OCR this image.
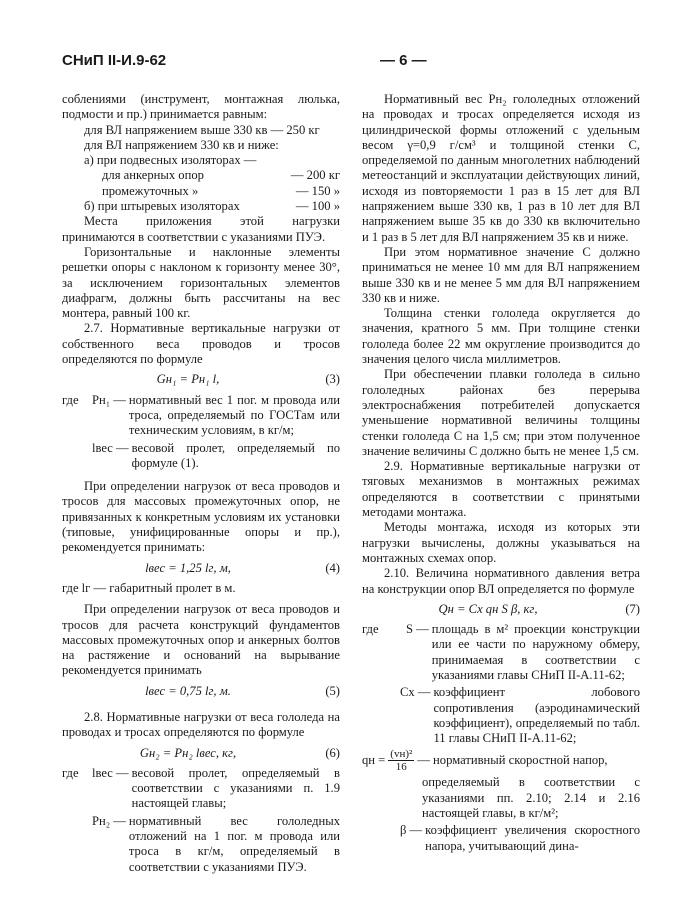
СНиП II-И.9-62	— 6 —

соблениями (инструмент, монтажная люлька, подмости и пр.) принимается равным:

для ВЛ напряжением выше 330 кв — 250 кг

для ВЛ напряжением 330 кв и ниже:

а) при подвесных изоляторах —

для анкерных опор	— 200 кг
промежуточных »	— 150 »
б) при штыревых изоляторах	— 100 »

Места приложения этой нагрузки принимаются в соответствии с указаниями ПУЭ.

Горизонтальные и наклонные элементы решетки опоры с наклоном к горизонту менее 30°, за исключением горизонтальных элементов диафрагм, должны быть рассчитаны на вес монтера, равный 100 кг.

2.7. Нормативные вертикальные нагрузки от собственного веса проводов и тросов определяются по формуле

Gн₁ = Pн₁ l,	(3)
где	Pн₁ — нормативный вес 1 пог. м провода или троса, определяемый по ГОСТам или техническим условиям, в кг/м;
lвес — весовой пролет, определяемый по формуле (1).

При определении нагрузок от веса проводов и тросов для массовых промежуточных опор, не привязанных к конкретным условиям их установки (типовые, унифицированные опоры и пр.), рекомендуется принимать:

lвес = 1,25 lг, м,	(4)

где lг — габаритный пролет в м.

При определении нагрузок от веса проводов и тросов для расчета конструкций фундаментов массовых промежуточных опор и анкерных болтов на растяжение и оснований на вырывание рекомендуется принимать

lвес = 0,75 lг, м.	(5)

2.8. Нормативные нагрузки от веса гололеда на проводах и тросах определяются по формуле

Gн₂ = Pн₂ lвес, кг,	(6)
где	lвес — весовой пролет, определяемый в соответствии с указаниями п. 1.9 настоящей главы;
Pн₂ — нормативный вес гололедных отложений на 1 пог. м провода или троса в кг/м, определяемый в соответствии с указаниями ПУЭ.

Нормативный вес Pн₂ гололедных отложений на проводах и тросах определяется исходя из цилиндрической формы отложений с удельным весом γ=0,9 г/см³ и толщиной стенки C, определяемой по данным многолетних наблюдений метеостанций и эксплуатации действующих линий, исходя из повторяемости 1 раз в 15 лет для ВЛ напряжением выше 330 кв, 1 раз в 10 лет для ВЛ напряжением выше 35 кв до 330 кв включительно и 1 раз в 5 лет для ВЛ напряжением 35 кв и ниже.

При этом нормативное значение C должно приниматься не менее 10 мм для ВЛ напряжением выше 330 кв и не менее 5 мм для ВЛ напряжением 330 кв и ниже.

Толщина стенки гололеда округляется до значения, кратного 5 мм. При толщине стенки гололеда более 22 мм округление производится до значения целого числа миллиметров.

При обеспечении плавки гололеда в сильно гололедных районах без перерыва электроснабжения потребителей допускается уменьшение нормативной величины толщины стенки гололеда C на 1,5 см; при этом полученное значение величины C должно быть не менее 1,5 см.

2.9. Нормативные вертикальные нагрузки от тяговых механизмов в монтажных режимах определяются в соответствии с принятыми методами монтажа.

Методы монтажа, исходя из которых эти нагрузки вычислены, должны указываться на монтажных схемах опор.

2.10. Величина нормативного давления ветра на конструкции опор ВЛ определяется по формуле

Qн = Cx qн S β, кг,	(7)
где	S — площадь в м² проекции конструкции или ее части по наружному обмеру, принимаемая в соответствии с указаниями главы СНиП II-А.11-62;
Cx — коэффициент лобового сопротивления (аэродинамический коэффициент), определяемый по табл. 11 главы СНиП II-А.11-62;
qн = $\frac{\text{(vн)²}}{16}$ — нормативный скоростной напор,

определяемый в соответствии с указаниями пп. 2.10; 2.14 и 2.16 настоящей главы, в кг/м²;

β — коэффициент увеличения скоростного напора, учитывающий дина-
